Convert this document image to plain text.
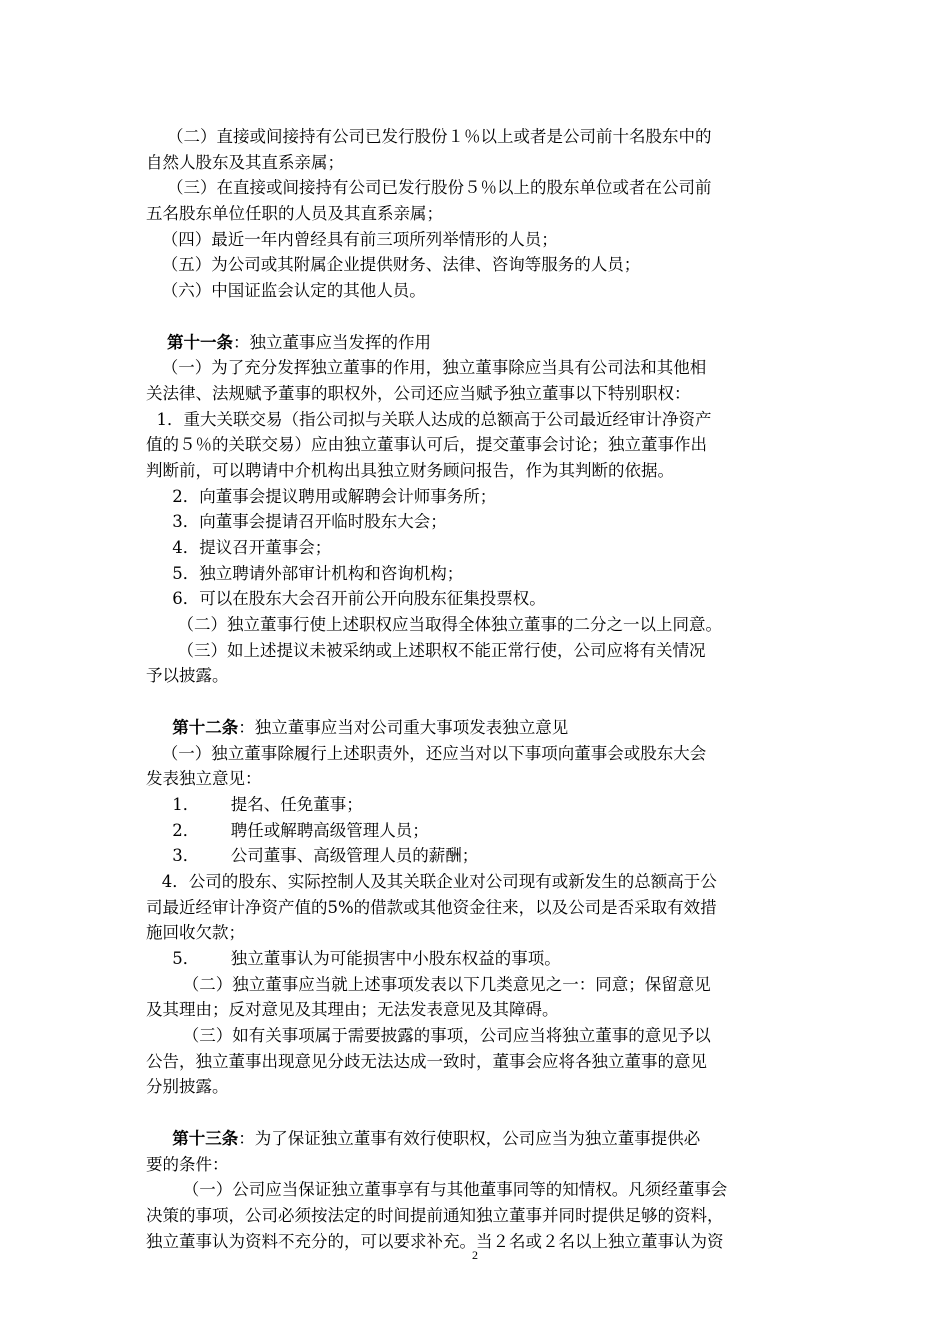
（二）直接或间接持有公司已发行股份１％以上或者是公司前十名股东中的
自然人股东及其直系亲属；
（三）在直接或间接持有公司已发行股份５％以上的股东单位或者在公司前
五名股东单位任职的人员及其直系亲属；
（四）最近一年内曾经具有前三项所列举情形的人员；
（五）为公司或其附属企业提供财务、法律、咨询等服务的人员；
（六）中国证监会认定的其他人员。
第十一条：独立董事应当发挥的作用
（一）为了充分发挥独立董事的作用，独立董事除应当具有公司法和其他相
关法律、法规赋予董事的职权外，公司还应当赋予独立董事以下特别职权：
1．重大关联交易（指公司拟与关联人达成的总额高于公司最近经审计净资产
值的５％的关联交易）应由独立董事认可后，提交董事会讨论；独立董事作出
判断前，可以聘请中介机构出具独立财务顾问报告，作为其判断的依据。
2．向董事会提议聘用或解聘会计师事务所；
3．向董事会提请召开临时股东大会；
4．提议召开董事会；
5．独立聘请外部审计机构和咨询机构；
6．可以在股东大会召开前公开向股东征集投票权。
（二）独立董事行使上述职权应当取得全体独立董事的二分之一以上同意。
（三）如上述提议未被采纳或上述职权不能正常行使，公司应将有关情况
予以披露。
第十二条：独立董事应当对公司重大事项发表独立意见
（一）独立董事除履行上述职责外，还应当对以下事项向董事会或股东大会
发表独立意见：
1．      提名、任免董事；
2．      聘任或解聘高级管理人员；
3．      公司董事、高级管理人员的薪酬；
4．公司的股东、实际控制人及其关联企业对公司现有或新发生的总额高于公
司最近经审计净资产值的5%的借款或其他资金往来，以及公司是否采取有效措
施回收欠款；
5．      独立董事认为可能损害中小股东权益的事项。
（二）独立董事应当就上述事项发表以下几类意见之一：同意；保留意见
及其理由；反对意见及其理由；无法发表意见及其障碍。
（三）如有关事项属于需要披露的事项，公司应当将独立董事的意见予以
公告，独立董事出现意见分歧无法达成一致时，董事会应将各独立董事的意见
分别披露。
第十三条：为了保证独立董事有效行使职权，公司应当为独立董事提供必
要的条件：
（一）公司应当保证独立董事享有与其他董事同等的知情权。凡须经董事会
决策的事项，公司必须按法定的时间提前通知独立董事并同时提供足够的资料，
独立董事认为资料不充分的，可以要求补充。当２名或２名以上独立董事认为资
2
